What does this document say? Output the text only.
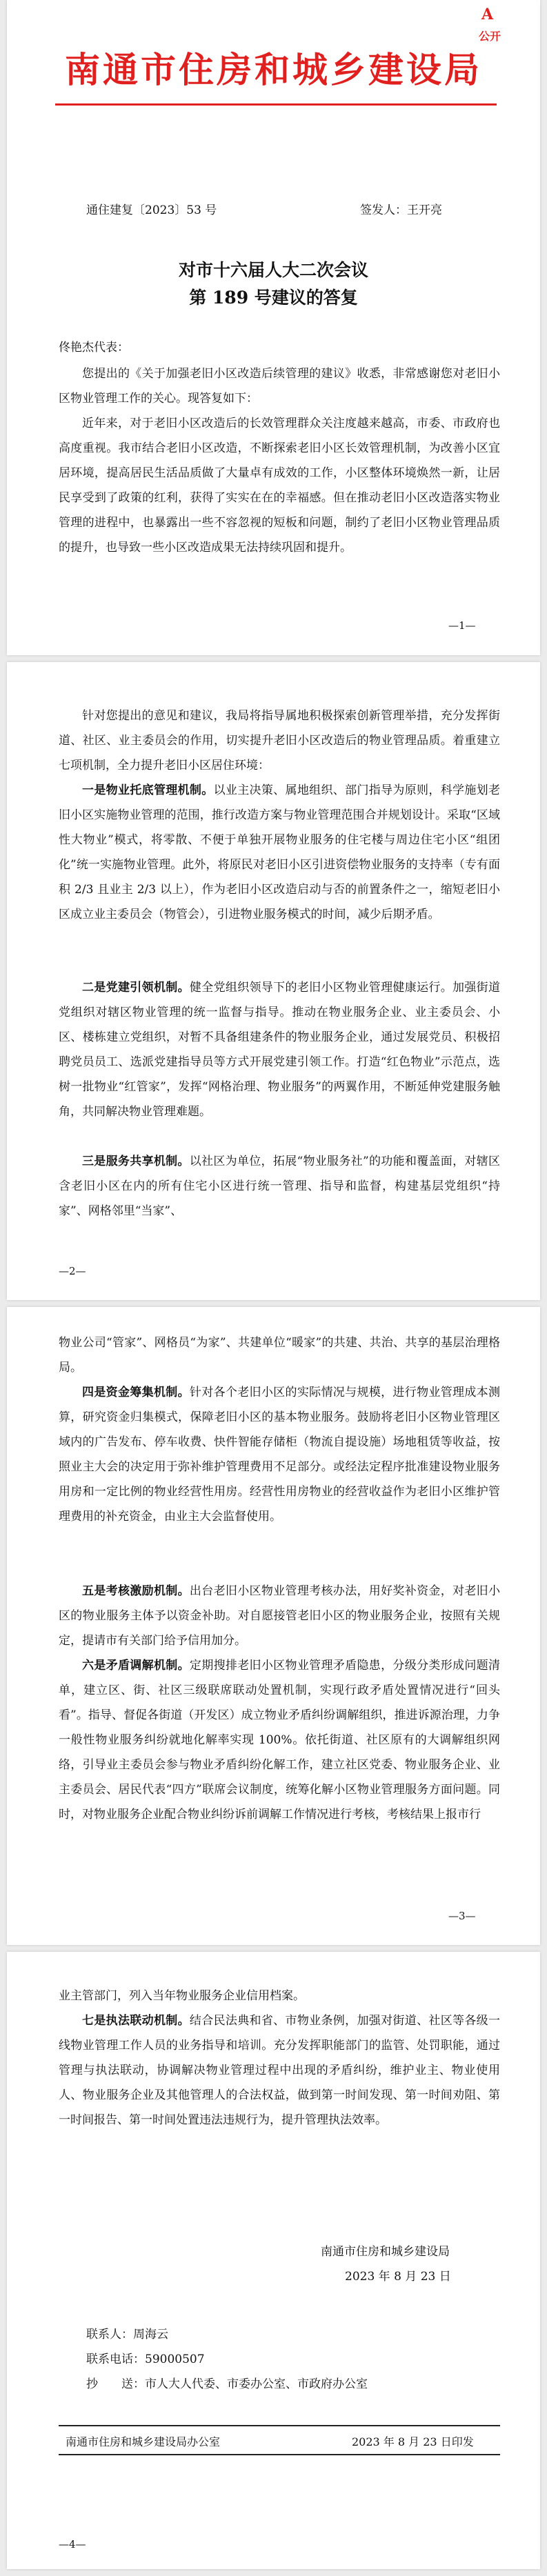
A
公开
南通市住房和城乡建设局
通住建复〔2023〕53 号	签发人：王开亮
对市十六届人大二次会议
第 189 号建议的答复

佟艳杰代表：

您提出的《关于加强老旧小区改造后续管理的建议》收悉，非常感谢您对老旧小区物业管理工作的关心。现答复如下：

近年来，对于老旧小区改造后的长效管理群众关注度越来越高，市委、市政府也高度重视。我市结合老旧小区改造，不断探索老旧小区长效管理机制，为改善小区宜居环境，提高居民生活品质做了大量卓有成效的工作，小区整体环境焕然一新，让居民享受到了政策的红利，获得了实实在在的幸福感。但在推动老旧小区改造落实物业管理的进程中，也暴露出一些不容忽视的短板和问题，制约了老旧小区物业管理品质的提升，也导致一些小区改造成果无法持续巩固和提升。

—1—

针对您提出的意见和建议，我局将指导属地积极探索创新管理举措，充分发挥街道、社区、业主委员会的作用，切实提升老旧小区改造后的物业管理品质。着重建立七项机制，全力提升老旧小区居住环境：

一是物业托底管理机制。以业主决策、属地组织、部门指导为原则，科学施划老旧小区实施物业管理的范围，推行改造方案与物业管理范围合并规划设计。采取“区域性大物业”模式，将零散、不便于单独开展物业服务的住宅楼与周边住宅小区“组团化”统一实施物业管理。此外，将原民对老旧小区引进资偿物业服务的支持率（专有面积 2/3 且业主 2/3 以上），作为老旧小区改造启动与否的前置条件之一，缩短老旧小区成立业主委员会（物管会），引进物业服务模式的时间，减少后期矛盾。

二是党建引领机制。健全党组织领导下的老旧小区物业管理健康运行。加强街道党组织对辖区物业管理的统一监督与指导。推动在物业服务企业、业主委员会、小区、楼栋建立党组织，对暂不具备组建条件的物业服务企业，通过发展党员、积极招聘党员员工、选派党建指导员等方式开展党建引领工作。打造“红色物业”示范点，选树一批物业“红管家”，发挥“网格治理、物业服务”的两翼作用，不断延伸党建服务触角，共同解决物业管理难题。

三是服务共享机制。以社区为单位，拓展“物业服务社”的功能和覆盖面，对辖区含老旧小区在内的所有住宅小区进行统一管理、指导和监督，构建基层党组织“持家”、网格邻里“当家”、

—2—

物业公司“管家”、网格员“为家”、共建单位“暖家”的共建、共治、共享的基层治理格局。

四是资金筹集机制。针对各个老旧小区的实际情况与规模，进行物业管理成本测算，研究资金归集模式，保障老旧小区的基本物业服务。鼓励将老旧小区物业管理区域内的广告发布、停车收费、快件智能存储柜（物流自提设施）场地租赁等收益，按照业主大会的决定用于弥补维护管理费用不足部分。或经法定程序批准建设物业服务用房和一定比例的物业经营性用房。经营性用房物业的经营收益作为老旧小区维护管理费用的补充资金，由业主大会监督使用。

五是考核激励机制。出台老旧小区物业管理考核办法，用好奖补资金，对老旧小区的物业服务主体予以资金补助。对自愿接管老旧小区的物业服务企业，按照有关规定，提请市有关部门给予信用加分。

六是矛盾调解机制。定期搜排老旧小区物业管理矛盾隐患，分级分类形成问题清单，建立区、街、社区三级联席联动处置机制，实现行政矛盾处置情况进行“回头看”。指导、督促各街道（开发区）成立物业矛盾纠纷调解组织，推进诉源治理，力争一般性物业服务纠纷就地化解率实现 100%。依托街道、社区原有的大调解组织网络，引导业主委员会参与物业矛盾纠纷化解工作，建立社区党委、物业服务企业、业主委员会、居民代表“四方”联席会议制度，统筹化解小区物业管理服务方面问题。同时，对物业服务企业配合物业纠纷诉前调解工作情况进行考核，考核结果上报市行

—3—

业主管部门，列入当年物业服务企业信用档案。

七是执法联动机制。结合民法典和省、市物业条例，加强对街道、社区等各级一线物业管理工作人员的业务指导和培训。充分发挥职能部门的监管、处罚职能，通过管理与执法联动，协调解决物业管理过程中出现的矛盾纠纷，维护业主、物业使用人、物业服务企业及其他管理人的合法权益，做到第一时间发现、第一时间劝阻、第一时间报告、第一时间处置违法违规行为，提升管理执法效率。

南通市住房和城乡建设局
2023 年 8 月 23 日
联系人：周海云
联系电话：59000507
抄　　送：市人大人代委、市委办公室、市政府办公室
南通市住房和城乡建设局办公室	2023 年 8 月 23 日印发
—4—
